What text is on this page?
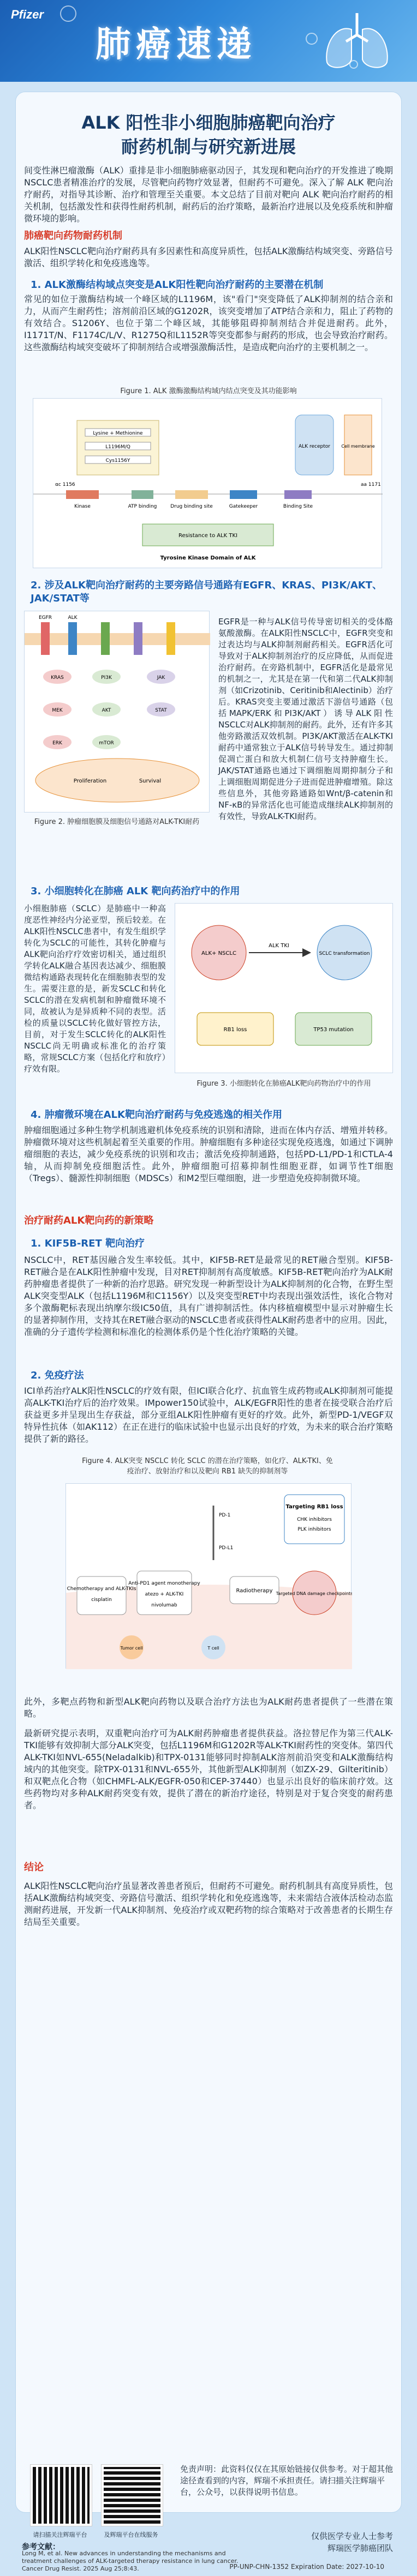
Pfizer
肺癌速递
ALK 阳性非小细胞肺癌靶向治疗
耐药机制与研究新进展
间变性淋巴瘤激酶（ALK）重排是非小细胞肺癌驱动因子，其发现和靶向治疗的开发推进了晚期NSCLC患者精准治疗的发展，尽管靶向药物疗效显著，但耐药不可避免。深入了解 ALK 靶向治疗耐药，对指导其诊断、治疗和管理至关重要。本文总结了目前对靶向 ALK 靶向治疗耐药的相关机制，包括激发性和获得性耐药机制，耐药后的治疗策略，最新治疗进展以及免疫系统和肿瘤微环境的影响。
肺癌靶向药物耐药机制
ALK阳性NSCLC靶向治疗耐药具有多因素性和高度异质性，包括ALK激酶结构域突变、旁路信号激活、组织学转化和免疫逃逸等。
1. ALK激酶结构域点突变是ALK阳性靶向治疗耐药的主要潜在机制
常见的如位于激酶结构域一个峰区域的L1196M，该"看门"突变降低了ALK抑制剂的结合亲和力，从而产生耐药性；溶剂前沿区域的G1202R，该突变增加了ATP结合亲和力，阻止了药物的有效结合。S1206Y、也位于第二个峰区域，其能够阻碍抑制剂结合并促进耐药。此外，I1171T/N、F1174C/L/V、R1275Q和L1152R等突变都参与耐药的形成，也会导致治疗耐药。这些激酶结构域突变破坏了抑制剂结合或增强激酶活性，是造成靶向治疗的主要机制之一。
Figure 1. ALK 激酶激酶结构域内结点突变及其功能影响
Lysine + Methionine
L1196M/Q
Cys1156Y
Kinase	ATP binding	Drug binding site	Gatekeeper	Binding Site
ALK receptor	Cell membrane
αc 1156	aa 1171
Resistance to ALK TKI
Tyrosine Kinase Domain of ALK
2. 涉及ALK靶向治疗耐药的主要旁路信号通路有EGFR、KRAS、PI3K/AKT、JAK/STAT等
EGFR	ALK
KRAS	PI3K	JAK
MEK	AKT	STAT
ERK	mTOR
Proliferation	Survival
Figure 2. 肿瘤细胞膜及细胞信号通路对ALK-TKI耐药
EGFR是一种与ALK信号传导密切相关的受体酪氨酸激酶。在ALK阳性NSCLC中，EGFR突变和过表达均与ALK抑制剂耐药相关。EGFR活化可导致对于ALK抑制剂治疗的反应降低，从而促进治疗耐药。在旁路机制中，EGFR活化是最常见的机制之一，尤其是在第一代和第二代ALK抑制剂（如Crizotinib、Ceritinib和Alectinib）治疗后。KRAS突变主要通过激活下游信号通路（包括MAPK/ERK和PI3K/AKT）诱导ALK阳性NSCLC对ALK抑制剂的耐药。此外，还有许多其他旁路激活双效机制。PI3K/AKT激活在ALK-TKI耐药中通常独立于ALK信号转导发生。通过抑制促凋亡蛋白和放大机制仁信号支持肿瘤生长。JAK/STAT通路也通过下调细胞周期抑制分子和上调细胞周期促进分子进而促进肿瘤增殖。除这些信息外，其他旁路通路如Wnt/β-catenin和NF-κB的异常活化也可能造成继续ALK抑制剂的有效性，导致ALK-TKI耐药。
3. 小细胞转化在肺癌 ALK 靶向药治疗中的作用
小细胞肺癌（SCLC）是肺癌中一种高度恶性神经内分泌亚型，预后较差。在ALK阳性NSCLC患者中，有发生组织学转化为SCLC的可能性，其转化肿瘤与ALK靶向治疗疗效密切相关，通过组织学转化ALK融合基因表达减少、细胞膜微结构通路表现转化在细胞肺表型的发生。需要注意的是，新发SCLC和转化SCLC的潜在发病机制和肿瘤微环境不同，故被认为是异质种不同的表型。活检的质量以SCLC转化做好管控方法，目前，对于发生SCLC转化的ALK阳性NSCLC尚无明确或标准化的治疗策略，常规SCLC方案（包括化疗和放疗）疗效有限。
ALK+ NSCLC
ALK TKI
SCLC transformation
RB1 loss	TP53 mutation
Figure 3. 小细胞转化在肺癌ALK靶向药物治疗中的作用
4. 肿瘤微环境在ALK靶向治疗耐药与免疫逃逸的相关作用
肿瘤细胞通过多种生物学机制逃避机体免疫系统的识别和清除，进而在体内存活、增殖并转移。肿瘤微环境对这些机制起着至关重要的作用。肿瘤细胞有多种途径实现免疫逃逸，如通过下调肿瘤细胞的表达，减少免疫系统的识别和攻击；激活免疫抑制通路，包括PD-L1/PD-1和CTLA-4轴，从而抑制免疫细胞活性。此外，肿瘤细胞可招募抑制性细胞亚群，如调节性T细胞（Tregs）、髓源性抑制细胞（MDSCs）和M2型巨噬细胞，进一步塑造免疫抑制微环境。
治疗耐药ALK靶向药的新策略
1. KIF5B-RET 靶向治疗
NSCLC中，RET基因融合发生率较低。其中，KIF5B-RET是最常见的RET融合型别。KIF5B-RET融合是在ALK阳性肿瘤中发现，目对RET抑制剂有高度敏感。KIF5B-RET靶向治疗为ALK耐药肿瘤患者提供了一种新的治疗思路。研究发现一种新型设计为ALK抑制剂的化合物，在野生型ALK突变型ALK（包括L1196M和C1156Y）以及突变型RET中均表现出强效活性，该化合物对多个激酶靶标表现出纳摩尔级IC50值，具有广谱抑制活性。体内移植瘤模型中显示对肿瘤生长的显著抑制作用，支持其在RET融合驱动的NSCLC患者或获得性ALK耐药患者中的应用。因此，准确的分子遗传学检测和标准化的检测体系仍是个性化治疗策略的关键。
2. 免疫疗法
ICI单药治疗ALK阳性NSCLC的疗效有限，但ICI联合化疗、抗血管生成药物或ALK抑制剂可能提高ALK-TKI治疗后的治疗效果。IMpower150试验中，ALK/EGFR阳性的患者在接受联合治疗后获益更多并呈现出生存获益，部分亚组ALK阳性肿瘤有更好的疗效。此外，新型PD-1/VEGF双特异性抗体（如AK112）在正在进行的临床试验中也显示出良好的疗效，为未来的联合治疗策略提供了新的路径。
Figure 4. ALK突变 NSCLC 转化 SCLC 的潜在治疗策略，如化疗、ALK-TKI、免疫治疗、放射治疗和以及靶向 RB1 缺失的抑制剂等
Chemotherapy and ALK-TKIs
cisplatin
Anti-PD1 agent monotherapy
atezo + ALK-TKI
nivolumab
PD-1
PD-L1
Radiotherapy
Targeting RB1 loss
CHK inhibitors
PLK inhibitors
Targeted DNA damage checkpoints
T cell
Tumor cell
此外，多靶点药物和新型ALK靶向药物以及联合治疗方法也为ALK耐药患者提供了一些潜在策略。
最新研究提示表明，双重靶向治疗可为ALK耐药肿瘤患者提供获益。洛拉替尼作为第三代ALK-TKI能够有效抑制大部分ALK突变，包括L1196M和G1202R等ALK-TKI耐药性的突变体。第四代ALK-TKI如NVL-655(Neladalkib)和TPX-0131能够同时抑制ALK溶剂前沿突变和ALK激酶结构域内的其他突变。除TPX-0131和NVL-655外，其他新型ALK抑制剂（如ZX-29、Gilteritinib）和双靶点化合物（如CHMFL-ALK/EGFR-050和CEP-37440）也显示出良好的临床前疗效。这些药物均对多种ALK耐药突变有效，提供了潜在的新治疗途径，特别是对于复合突变的耐药患者。
结论
ALK阳性NSCLC靶向治疗虽显著改善患者预后，但耐药不可避免。耐药机制具有高度异质性，包括ALK激酶结构域突变、旁路信号激活、组织学转化和免疫逃逸等，未来需结合液体活检动态监测耐药进展，开发新一代ALK抑制剂、免疫治疗或双靶药物的综合策略对于改善患者的长期生存结局至关重要。
请扫描关注辉瑞平台	及辉瑞平台在线服务
免责声明：此资料仅仅在其原始链接仅供参考。对于超其他途径查看到的内容，辉瑞不承担责任。请扫描关注辉瑞平台，公众号，以获得说明书信息。
参考文献：
Long M, et al. New advances in understanding the mechanisms and treatment challenges of ALK-targeted therapy resistance in lung cancer. Cancer Drug Resist. 2025 Aug 25;8:43.
仅供医学专业人士参考
辉瑞医学肺癌团队
PP-UNP-CHN-1352 Expiration Date: 2027-10-10
